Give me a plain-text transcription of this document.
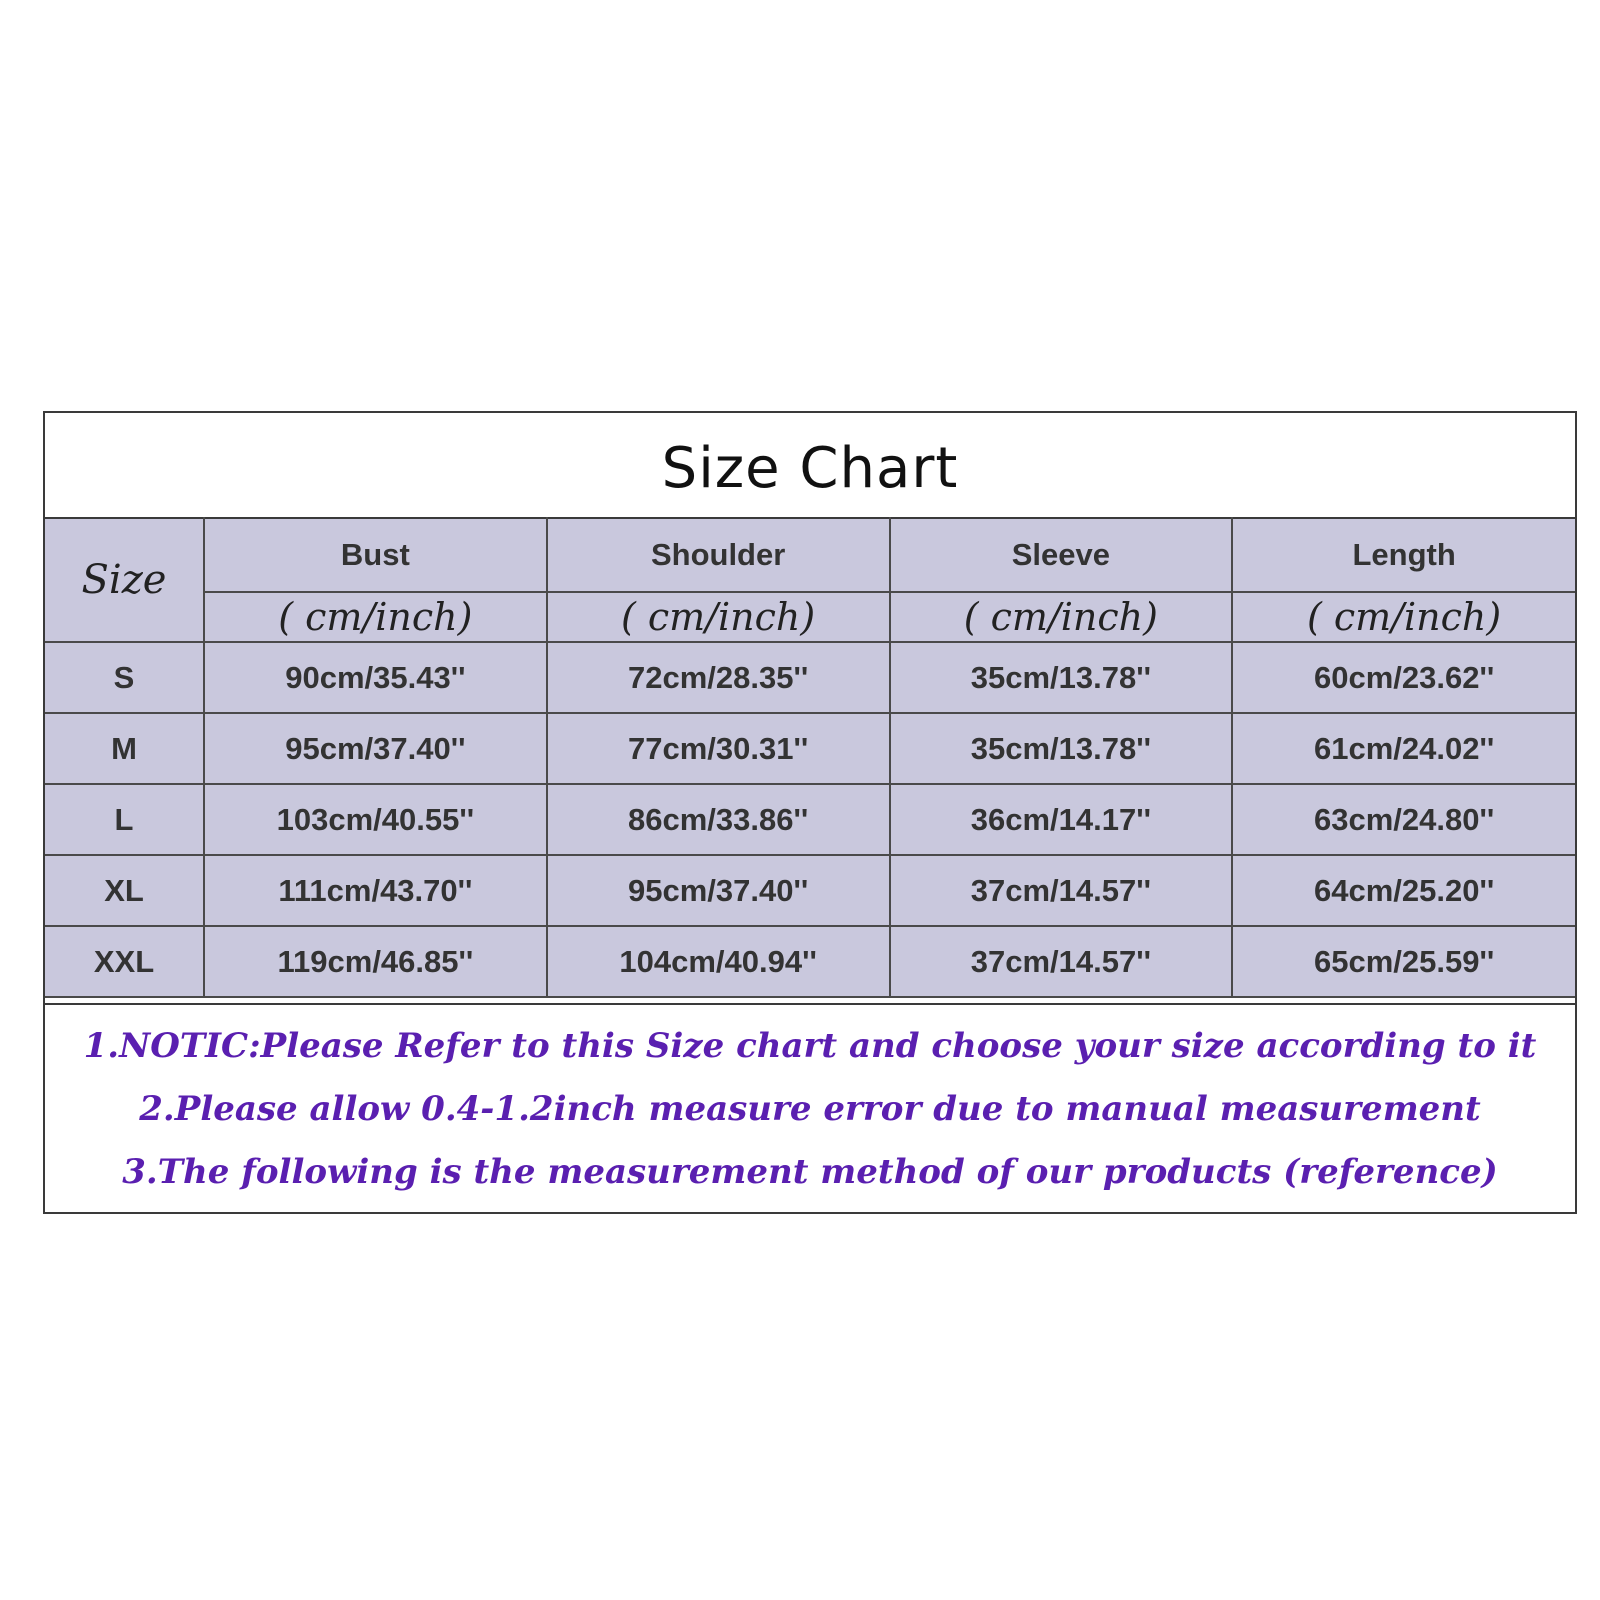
Size Chart
Size	Bust	Shoulder	Sleeve	Length
	( cm/inch)	( cm/inch)	( cm/inch)	( cm/inch)
S	90cm/35.43''	72cm/28.35''	35cm/13.78''	60cm/23.62''
M	95cm/37.40''	77cm/30.31''	35cm/13.78''	61cm/24.02''
L	103cm/40.55''	86cm/33.86''	36cm/14.17''	63cm/24.80''
XL	111cm/43.70''	95cm/37.40''	37cm/14.57''	64cm/25.20''
XXL	119cm/46.85''	104cm/40.94''	37cm/14.57''	65cm/25.59''
1.NOTIC:Please Refer to this Size chart and choose your size according to it
2.Please allow 0.4-1.2inch measure error due to manual measurement
3.The following is the measurement method of our products (reference)
